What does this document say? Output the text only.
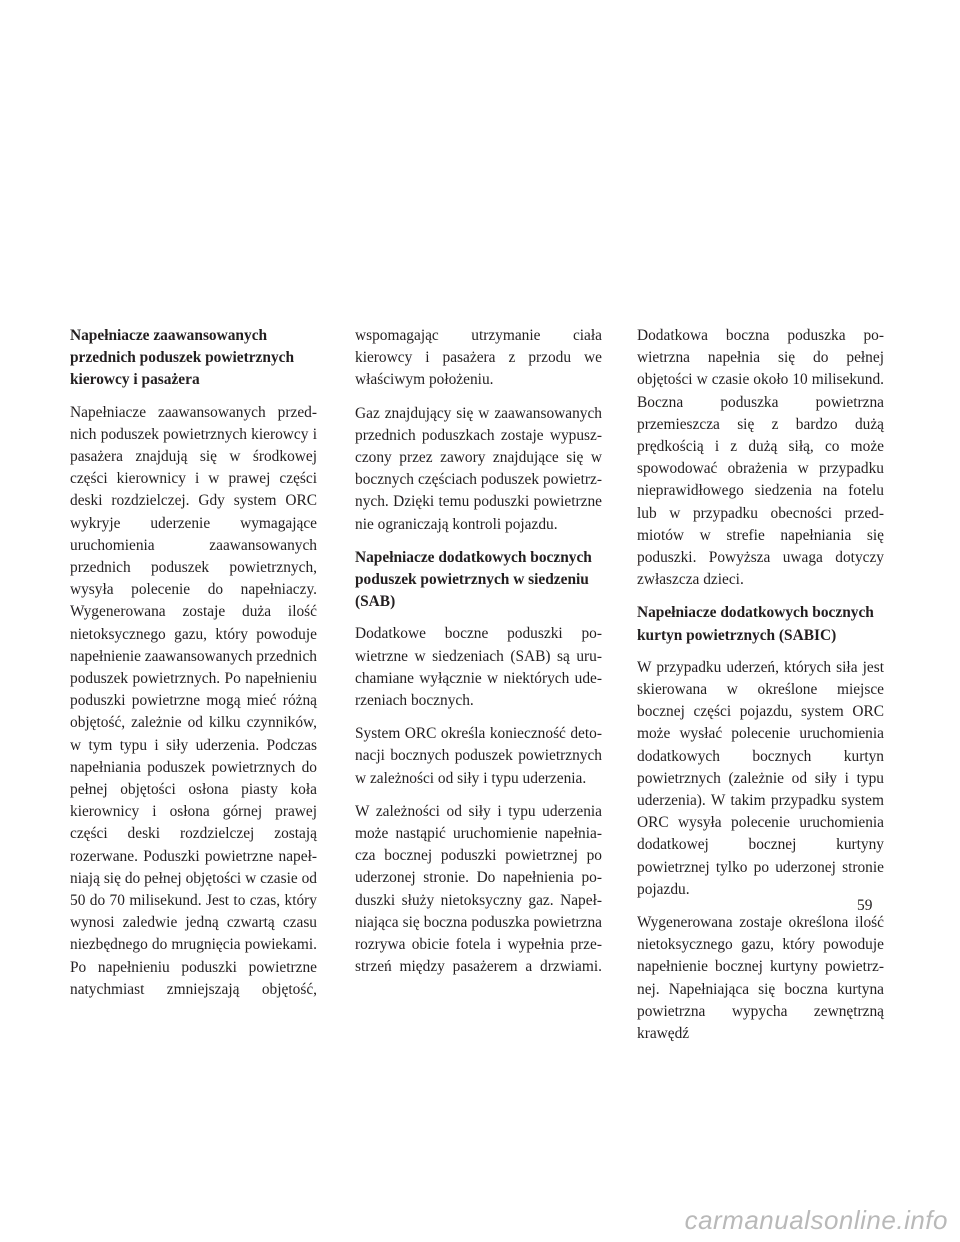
Napełniacze zaawansowanych przednich poduszek powietrznych kierowcy i pasażera

Napełniacze zaawansowanych przednich poduszek powietrznych kierowcy i pasażera znajdują się w środkowej części kierownicy i w prawej części deski rozdzielczej. Gdy system ORC wykryje uderzenie wymagające uruchomienia zaawansowanych przednich poduszek powietrznych, wysyła polecenie do napełniaczy. Wygenerowana zostaje duża ilość nietoksycznego gazu, który powoduje napełnienie zaawansowanych przednich poduszek powietrznych. Po napełnieniu poduszki powietrzne mogą mieć różną objętość, zależnie od kilku czynników, w tym typu i siły uderzenia. Podczas napełniania poduszek powietrznych do pełnej objętości osłona piasty koła kierownicy i osłona górnej prawej części deski rozdzielczej zostają rozerwane. Poduszki powietrzne napełniają się do pełnej objętości w czasie od 50 do 70 milisekund. Jest to czas, który wynosi zaledwie jedną czwartą czasu niezbędnego do mrugnięcia powiekami. Po napełnieniu poduszki powietrzne natychmiast zmniejszają objętość,

wspomagając utrzymanie ciała kierowcy i pasażera z przodu we właściwym położeniu.

Gaz znajdujący się w zaawansowanych przednich poduszkach zostaje wypuszczony przez zawory znajdujące się w bocznych częściach poduszek powietrznych. Dzięki temu poduszki powietrzne nie ograniczają kontroli pojazdu.

Napełniacze dodatkowych bocznych poduszek powietrznych w siedzeniu (SAB)

Dodatkowe boczne poduszki powietrzne w siedzeniach (SAB) są uruchamiane wyłącznie w niektórych uderzeniach bocznych.

System ORC określa konieczność detonacji bocznych poduszek powietrznych w zależności od siły i typu uderzenia.

W zależności od siły i typu uderzenia może nastąpić uruchomienie napełniacza bocznej poduszki powietrznej po uderzonej stronie. Do napełnienia poduszki służy nietoksyczny gaz. Napełniająca się boczna poduszka powietrzna rozrywa obicie fotela i wypełnia przestrzeń między pasażerem a drzwiami.

Dodatkowa boczna poduszka powietrzna napełnia się do pełnej objętości w czasie około 10 milisekund. Boczna poduszka powietrzna przemieszcza się z bardzo dużą prędkością i z dużą siłą, co może spowodować obrażenia w przypadku nieprawidłowego siedzenia na fotelu lub w przypadku obecności przedmiotów w strefie napełniania się poduszki. Powyższa uwaga dotyczy zwłaszcza dzieci.

Napełniacze dodatkowych bocznych kurtyn powietrznych (SABIC)

W przypadku uderzeń, których siła jest skierowana w określone miejsce bocznej części pojazdu, system ORC może wysłać polecenie uruchomienia dodatkowych bocznych kurtyn powietrznych (zależnie od siły i typu uderzenia). W takim przypadku system ORC wysyła polecenie uruchomienia dodatkowej bocznej kurtyny powietrznej tylko po uderzonej stronie pojazdu.

Wygenerowana zostaje określona ilość nietoksycznego gazu, który powoduje napełnienie bocznej kurtyny powietrznej. Napełniająca się boczna kurtyna powietrzna wypycha zewnętrzną krawędź

59
carmanualsonline.info
